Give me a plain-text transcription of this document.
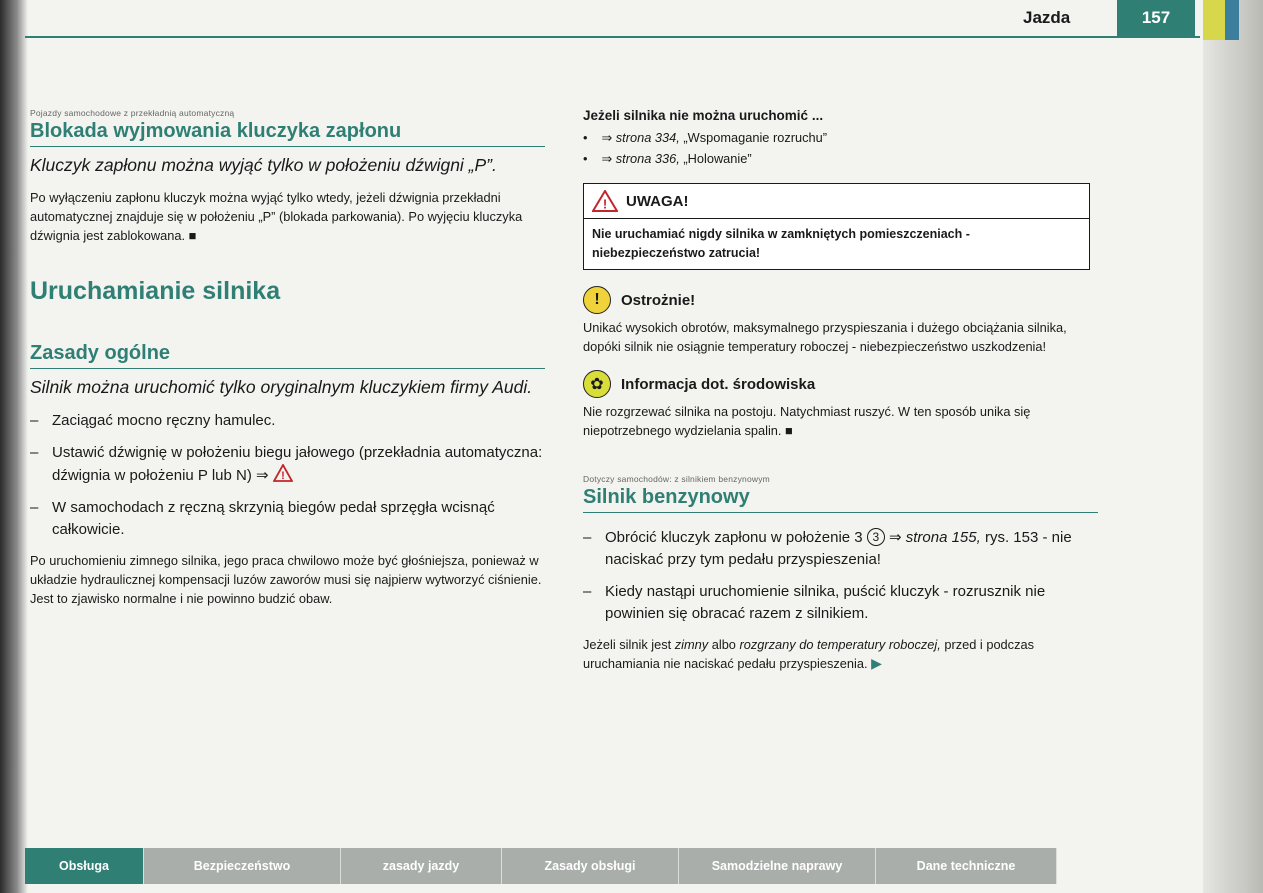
Jazda	157
Pojazdy samochodowe z przekładnią automatyczną
Blokada wyjmowania kluczyka zapłonu
Kluczyk zapłonu można wyjąć tylko w położeniu dźwigni „P”.
Po wyłączeniu zapłonu kluczyk można wyjąć tylko wtedy, jeżeli dźwignia przekładni automatycznej znajduje się w położeniu „P” (blokada parkowania). Po wyjęciu kluczyka dźwignia jest zablokowana. ■
Uruchamianie silnika
Zasady ogólne
Silnik można uruchomić tylko oryginalnym kluczykiem firmy Audi.
– Zaciągać mocno ręczny hamulec.
– Ustawić dźwignię w położeniu biegu jałowego (przekładnia automatyczna: dźwignia w położeniu P lub N) ⇒ !
– W samochodach z ręczną skrzynią biegów pedał sprzęgła wcisnąć całkowicie.
Po uruchomieniu zimnego silnika, jego praca chwilowo może być głośniejsza, ponieważ w układzie hydraulicznej kompensacji luzów zaworów musi się najpierw wytworzyć ciśnienie. Jest to zjawisko normalne i nie powinno budzić obaw.
Jeżeli silnika nie można uruchomić ...
• ⇒ strona 334, „Wspomaganie rozruchu”
• ⇒ strona 336, „Holowanie”
! UWAGA!
Nie uruchamiać nigdy silnika w zamkniętych pomieszczeniach - niebezpieczeństwo zatrucia!
!	Ostrożnie!
Unikać wysokich obrotów, maksymalnego przyspieszania i dużego obciążania silnika, dopóki silnik nie osiągnie temperatury roboczej - niebezpieczeństwo uszkodzenia!
✿	Informacja dot. środowiska
Nie rozgrzewać silnika na postoju. Natychmiast ruszyć. W ten sposób unika się niepotrzebnego wydzielania spalin. ■
Dotyczy samochodów: z silnikiem benzynowym
Silnik benzynowy
– Obrócić kluczyk zapłonu w położenie 3 3 ⇒ strona 155, rys. 153 - nie naciskać przy tym pedału przyspieszenia!
– Kiedy nastąpi uruchomienie silnika, puścić kluczyk - rozrusznik nie powinien się obracać razem z silnikiem.
Jeżeli silnik jest zimny albo rozgrzany do temperatury roboczej, przed i podczas uruchamiania nie naciskać pedału przyspieszenia. ▶
Obsługa	Bezpieczeństwo	zasady jazdy	Zasady obsługi	Samodzielne naprawy	Dane techniczne
